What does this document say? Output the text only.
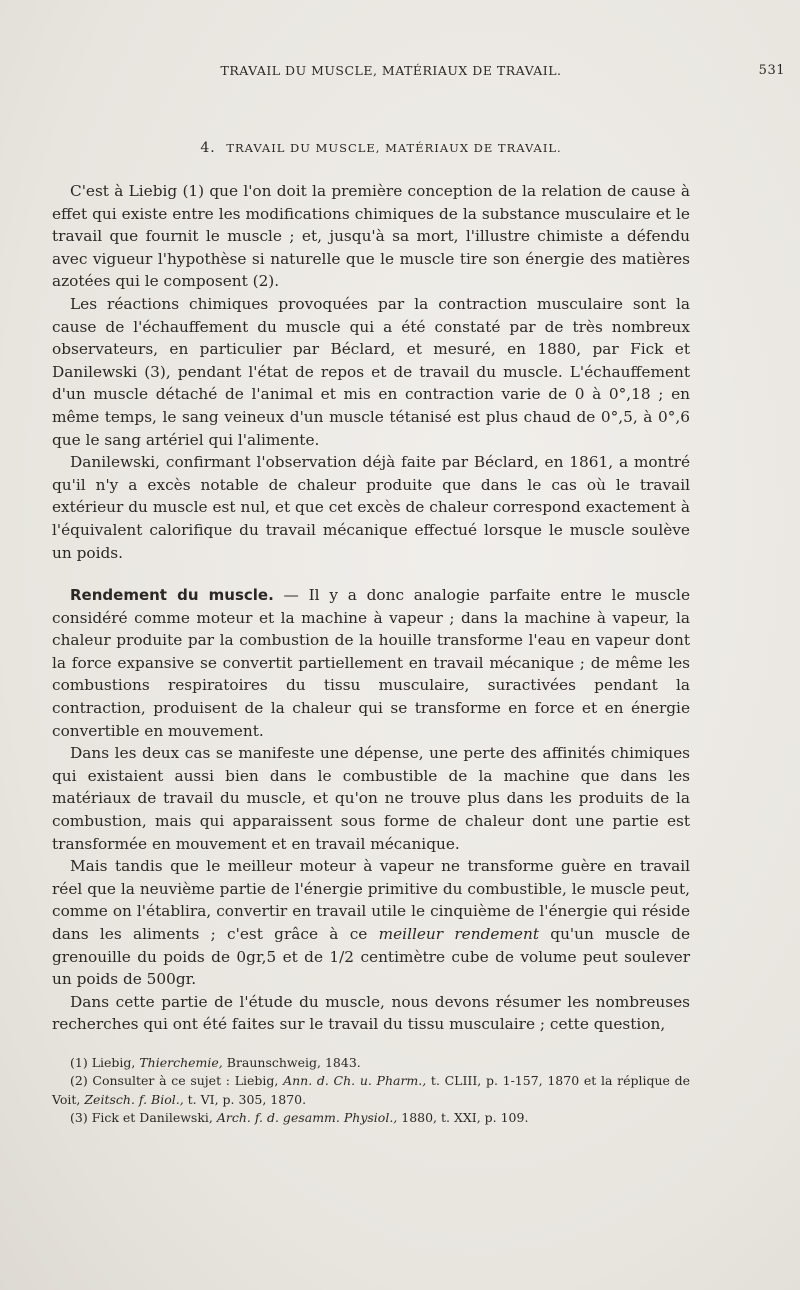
TRAVAIL DU MUSCLE, MATÉRIAUX DE TRAVAIL.	531
4. TRAVAIL DU MUSCLE, MATÉRIAUX DE TRAVAIL.

C'est à Liebig (1) que l'on doit la première conception de la relation de cause à effet qui existe entre les modifications chimiques de la substance musculaire et le travail que fournit le muscle ; et, jusqu'à sa mort, l'illustre chimiste a défendu avec vigueur l'hypothèse si naturelle que le muscle tire son énergie des matières azotées qui le composent (2).

Les réactions chimiques provoquées par la contraction musculaire sont la cause de l'échauffement du muscle qui a été constaté par de très nombreux observateurs, en particulier par Béclard, et mesuré, en 1880, par Fick et Danilewski (3), pendant l'état de repos et de travail du muscle. L'échauffement d'un muscle détaché de l'animal et mis en contraction varie de 0 à 0°,18 ; en même temps, le sang veineux d'un muscle tétanisé est plus chaud de 0°,5, à 0°,6 que le sang artériel qui l'alimente.

Danilewski, confirmant l'observation déjà faite par Béclard, en 1861, a montré qu'il n'y a excès notable de chaleur produite que dans le cas où le travail extérieur du muscle est nul, et que cet excès de chaleur correspond exactement à l'équivalent calorifique du travail mécanique effectué lorsque le muscle soulève un poids.

Rendement du muscle. — Il y a donc analogie parfaite entre le muscle considéré comme moteur et la machine à vapeur ; dans la machine à vapeur, la chaleur produite par la combustion de la houille transforme l'eau en vapeur dont la force expansive se convertit partiellement en travail mécanique ; de même les combustions respiratoires du tissu musculaire, suractivées pendant la contraction, produisent de la chaleur qui se transforme en force et en énergie convertible en mouvement.

Dans les deux cas se manifeste une dépense, une perte des affinités chimiques qui existaient aussi bien dans le combustible de la machine que dans les matériaux de travail du muscle, et qu'on ne trouve plus dans les produits de la combustion, mais qui apparaissent sous forme de chaleur dont une partie est transformée en mouvement et en travail mécanique.

Mais tandis que le meilleur moteur à vapeur ne transforme guère en travail réel que la neuvième partie de l'énergie primitive du combustible, le muscle peut, comme on l'établira, convertir en travail utile le cinquième de l'énergie qui réside dans les aliments ; c'est grâce à ce meilleur rendement qu'un muscle de grenouille du poids de 0gr,5 et de 1/2 centimètre cube de volume peut soulever un poids de 500gr.

Dans cette partie de l'étude du muscle, nous devons résumer les nombreuses recherches qui ont été faites sur le travail du tissu musculaire ; cette question,

(1) Liebig, Thierchemie, Braunschweig, 1843.

(2) Consulter à ce sujet : Liebig, Ann. d. Ch. u. Pharm., t. CLIII, p. 1-157, 1870 et la réplique de Voit, Zeitsch. f. Biol., t. VI, p. 305, 1870.

(3) Fick et Danilewski, Arch. f. d. gesamm. Physiol., 1880, t. XXI, p. 109.
